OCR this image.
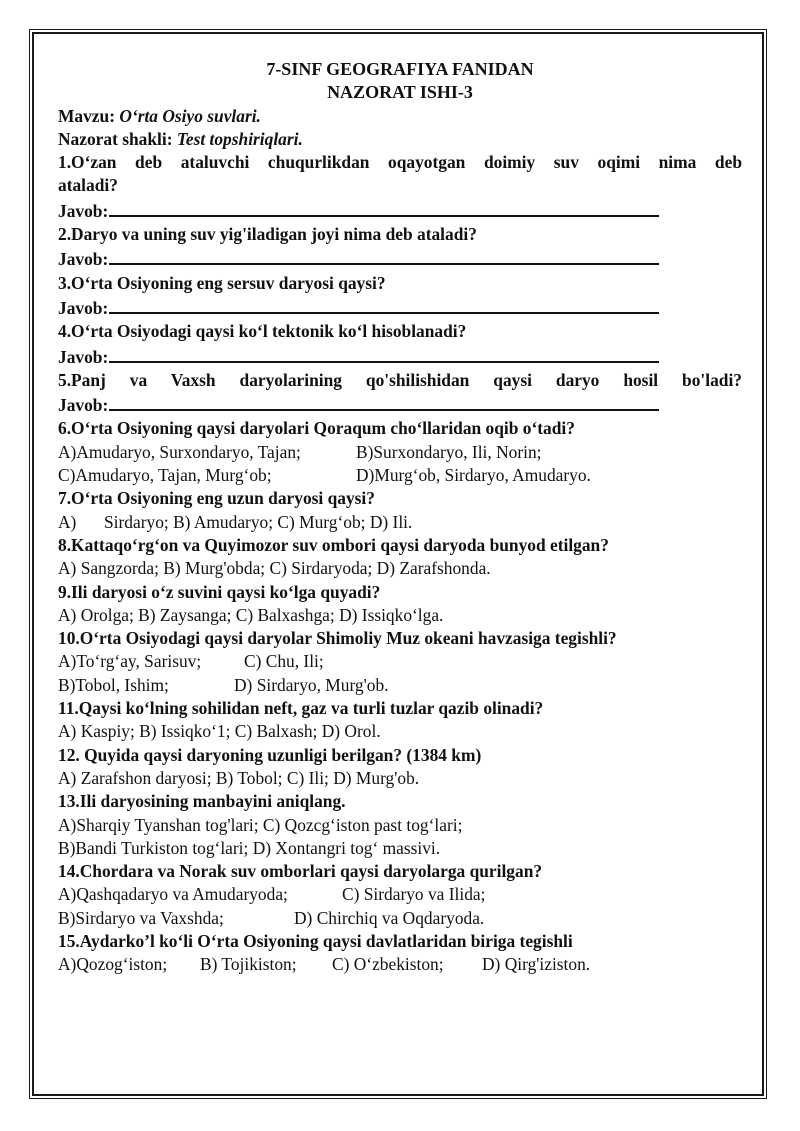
7-SINF GEOGRAFIYA FANIDAN
NAZORAT ISHI-3
Mavzu: O‘rta Osiyo suvlari.
Nazorat shakli: Test topshiriqlari.
1.O‘zan deb ataluvchi chuqurlikdan oqayotgan doimiy suv oqimi nima deb
ataladi?
Javob:
2.Daryo va uning suv yig'iladigan joyi nima deb ataladi?
Javob:
3.O‘rta Osiyoning eng sersuv daryosi qaysi?
Javob:
4.O‘rta Osiyodagi qaysi ko‘l tektonik ko‘l hisoblanadi?
Javob:
5.Panj va Vaxsh daryolarining qo'shilishidan qaysi daryo hosil bo'ladi?
Javob:
6.O‘rta Osiyoning qaysi daryolari Qoraqum cho‘llaridan oqib o‘tadi?
A)Amudaryo, Surxondaryo, Tajan;	B)Surxondaryo, Ili, Norin;
C)Amudaryo, Tajan, Murg‘ob;	D)Murg‘ob, Sirdaryo, Amudaryo.
7.O‘rta Osiyoning eng uzun daryosi qaysi?
A) Sirdaryo; B) Amudaryo; C) Murg‘ob; D) Ili.
8.Kattaqo‘rg‘on va Quyimozor suv ombori qaysi daryoda bunyod etilgan?
A) Sangzorda; B) Murg'obda; C) Sirdaryoda; D) Zarafshonda.
9.Ili daryosi o‘z suvini qaysi ko‘lga quyadi?
A) Orolga; B) Zaysanga; C) Balxashga; D) Issiqko‘lga.
10.O‘rta Osiyodagi qaysi daryolar Shimoliy Muz okeani havzasiga tegishli?
A)To‘rg‘ay, Sarisuv; C) Chu, Ili;
B)Tobol, Ishim;	D) Sirdaryo, Murg'ob.
11.Qaysi ko‘lning sohilidan neft, gaz va turli tuzlar qazib olinadi?
A) Kaspiy; B) Issiqko‘1; C) Balxash; D) Orol.
12. Quyida qaysi daryoning uzunligi berilgan? (1384 km)
A) Zarafshon daryosi; B) Tobol; C) Ili; D) Murg'ob.
13.Ili daryosining manbayini aniqlang.
A)Sharqiy Tyanshan tog'lari; C) Qozcg‘iston past tog‘lari;
B)Bandi Turkiston tog‘lari; D) Xontangri tog‘ massivi.
14.Chordara va Norak suv omborlari qaysi daryolarga qurilgan?
A)Qashqadaryo va Amudaryoda;	C) Sirdaryo va Ilida;
B)Sirdaryo va Vaxshda;	D) Chirchiq va Oqdaryoda.
15.Aydarko’l ko‘li O‘rta Osiyoning qaysi davlatlaridan biriga tegishli
A)Qozog‘iston; B) Tojikiston; C) O‘zbekiston; D) Qirg'iziston.
